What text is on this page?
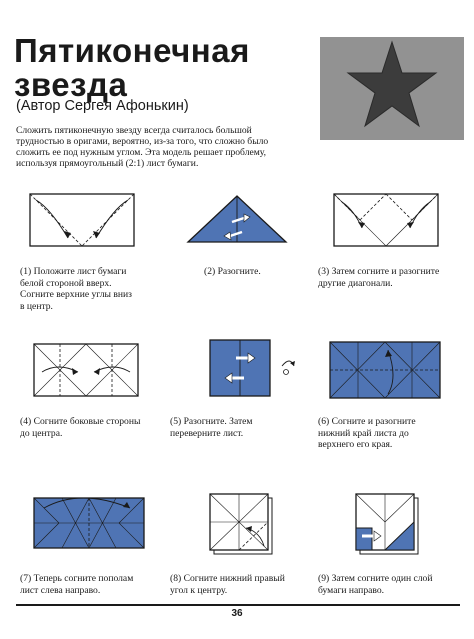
Пятиконечная
звезда
(Автор Сергея Афонькин)
Сложить пятиконечную звезду всегда считалось большой
трудностью в оригами, вероятно, из-за того, что сложно было
сложить ее под нужным углом. Эта модель решает проблему,
используя прямоугольный (2:1) лист бумаги.
(1) Положите лист бумаги
белой стороной вверх.
Согните верхние углы вниз
в центр.
(2) Разогните.	(3) Затем согните и разогните
другие диагонали.
(4) Согните боковые стороны
до центра.
(5) Разогните. Затем
переверните лист.
(6) Согните и разогните
нижний край листа до
верхнего его края.
(7) Теперь согните пополам
лист слева направо.
(8) Согните нижний правый
угол к центру.
(9) Затем согните один слой
бумаги направо.
36
